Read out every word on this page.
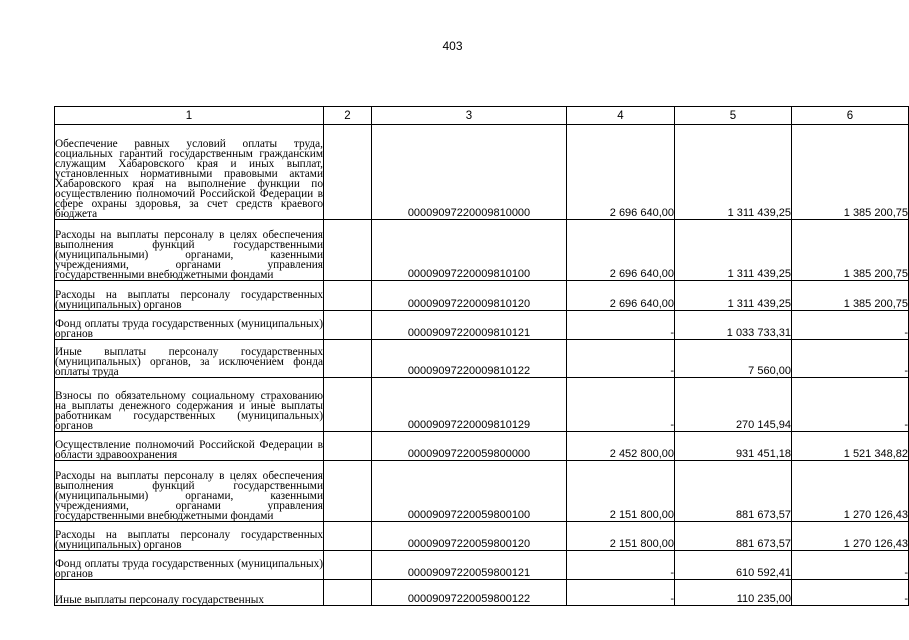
403
1	2	3	4	5	6
Обеспечение равных условий оплаты труда, социальных гарантий государственным гражданским служащим Хабаровского края и иных выплат, установленных нормативными правовыми актами Хабаровского края на выполнение функции по осуществлению полномочий Российской Федерации в сфере охраны здоровья, за счет средств краевого бюджета		00009097220009810000	2 696 640,00	1 311 439,25	1 385 200,75
Расходы на выплаты персоналу в целях обеспечения выполнения функций государственными (муниципальными) органами, казенными учреждениями, органами управления государственными внебюджетными фондами		00009097220009810100	2 696 640,00	1 311 439,25	1 385 200,75
Расходы на выплаты персоналу государственных (муниципальных) органов		00009097220009810120	2 696 640,00	1 311 439,25	1 385 200,75
Фонд оплаты труда государственных (муниципальных) органов		00009097220009810121	-	1 033 733,31	-
Иные выплаты персоналу государственных (муниципальных) органов, за исключением фонда оплаты труда		00009097220009810122	-	7 560,00	-
Взносы по обязательному социальному страхованию на выплаты денежного содержания и иные выплаты работникам государственных (муниципальных) органов		00009097220009810129	-	270 145,94	-
Осуществление полномочий Российской Федерации в области здравоохранения		00009097220059800000	2 452 800,00	931 451,18	1 521 348,82
Расходы на выплаты персоналу в целях обеспечения выполнения функций государственными (муниципальными) органами, казенными учреждениями, органами управления государственными внебюджетными фондами		00009097220059800100	2 151 800,00	881 673,57	1 270 126,43
Расходы на выплаты персоналу государственных (муниципальных) органов		00009097220059800120	2 151 800,00	881 673,57	1 270 126,43
Фонд оплаты труда государственных (муниципальных) органов		00009097220059800121	-	610 592,41	-
Иные выплаты персоналу государственных		00009097220059800122	-	110 235,00	-
